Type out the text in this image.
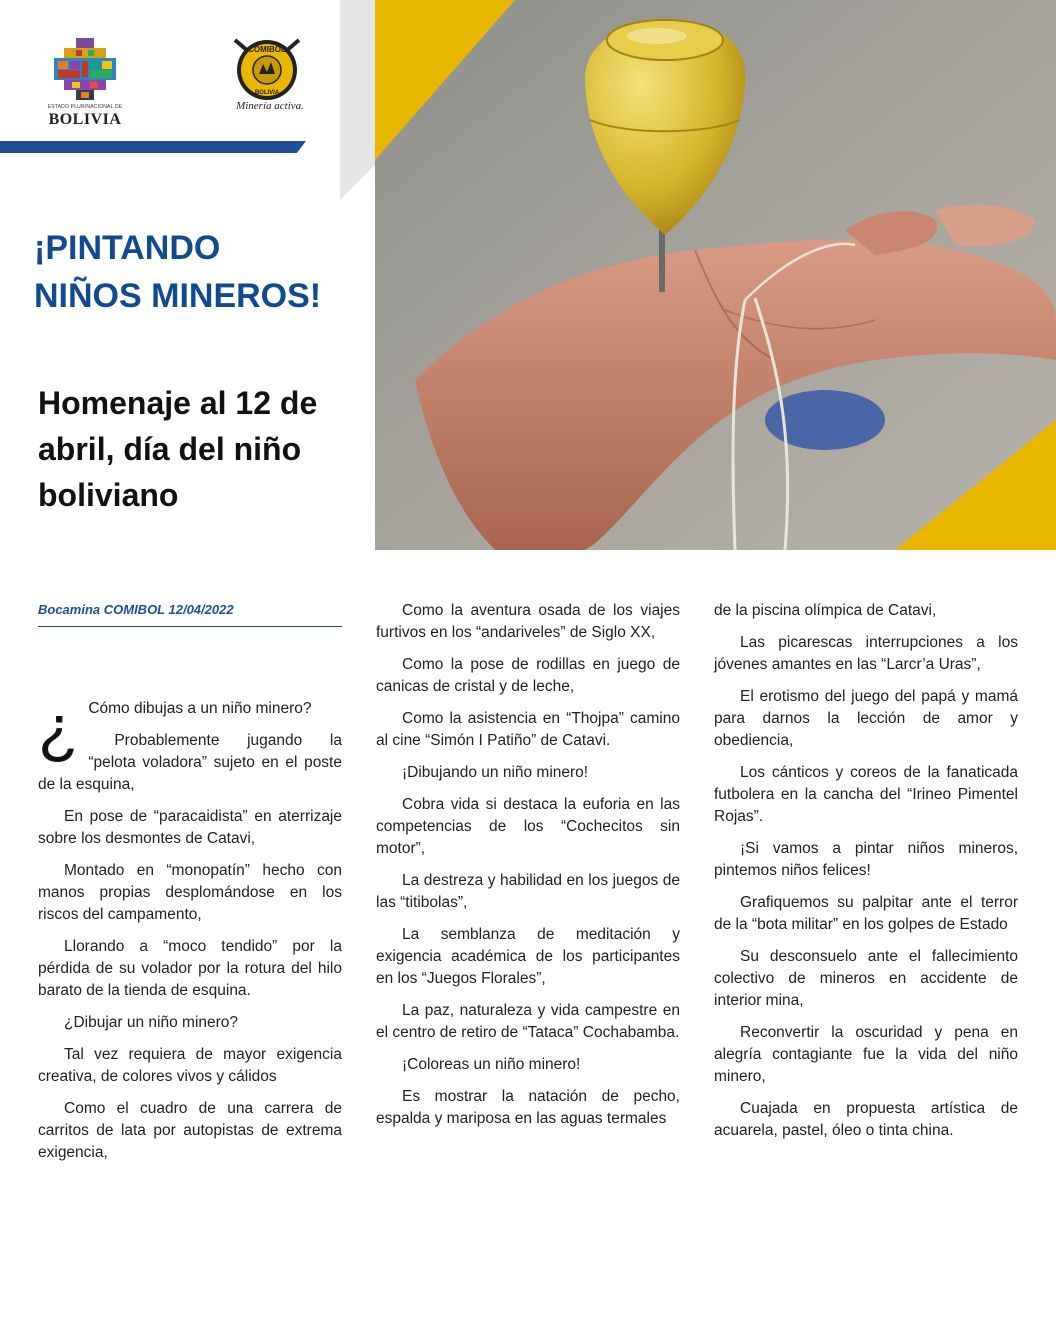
ESTADO PLURINACIONAL DE
BOLIVIA
COMIBOL
BOLIVIA
Minería activa.
¡PINTANDO
NIÑOS MINEROS!
Homenaje al 12 de abril, día del niño boliviano
Bocamina COMIBOL 12/04/2022
¿ Cómo dibujas a un niño minero?

Probablemente jugando la “pelota voladora” sujeto en el poste de la esquina,

En pose de “paracaidista” en aterrizaje sobre los desmontes de Catavi,

Montado en “monopatín” hecho con manos propias desplomándose en los riscos del campamento,

Llorando a “moco tendido” por la pérdida de su volador por la rotura del hilo barato de la tienda de esquina.

¿Dibujar un niño minero?

Tal vez requiera de mayor exigencia creativa, de colores vivos y cálidos

Como el cuadro de una carrera de carritos de lata por autopistas de extrema exigencia,

Como la aventura osada de los viajes furtivos en los “andariveles” de Siglo XX,

Como la pose de rodillas en juego de canicas de cristal y de leche,

Como la asistencia en “Thojpa” camino al cine “Simón I Patiño” de Catavi.

¡Dibujando un niño minero!

Cobra vida si destaca la euforia en las competencias de los “Cochecitos sin motor”,

La destreza y habilidad en los juegos de las “titibolas”,

La semblanza de meditación y exigencia académica de los participantes en los “Juegos Florales”,

La paz, naturaleza y vida campestre en el centro de retiro de “Tataca” Cochabamba.

¡Coloreas un niño minero!

Es mostrar la natación de pecho, espalda y mariposa en las aguas termales

de la piscina olímpica de Catavi,

Las picarescas interrupciones a los jóvenes amantes en las “Larcr’a Uras”,

El erotismo del juego del papá y mamá para darnos la lección de amor y obediencia,

Los cánticos y coreos de la fanaticada futbolera en la cancha del “Irineo Pimentel Rojas”.

¡Si vamos a pintar niños mineros, pintemos niños felices!

Grafiquemos su palpitar ante el terror de la “bota militar” en los golpes de Estado

Su desconsuelo ante el fallecimiento colectivo de mineros en accidente de interior mina,

Reconvertir la oscuridad y pena en alegría contagiante fue la vida del niño minero,

Cuajada en propuesta artística de acuarela, pastel, óleo o tinta china.
